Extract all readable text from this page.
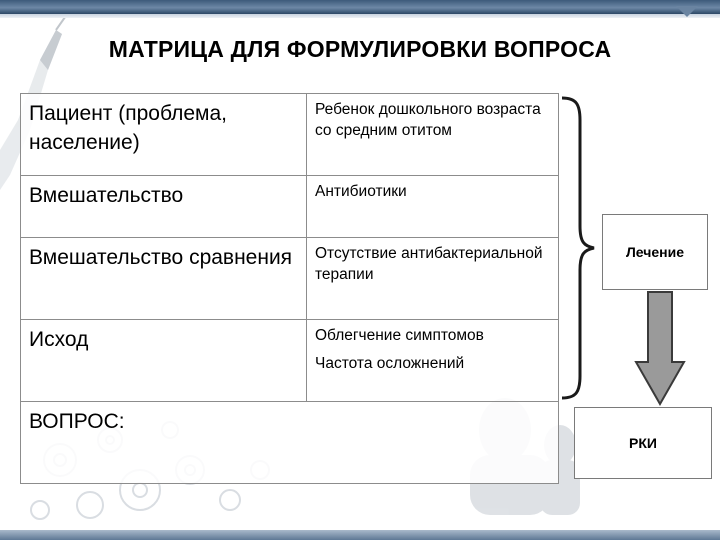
МАТРИЦА ДЛЯ ФОРМУЛИРОВКИ ВОПРОСА
Пациент (проблема, население)	Ребенок дошкольного возраста со средним отитом

Вмешательство	Антибиотики

Вмешательство сравнения	Отсутствие антибактериальной терапии

Исход	Облегчение симптомов

Частота осложнений

ВОПРОС:	
Лечение
РКИ
